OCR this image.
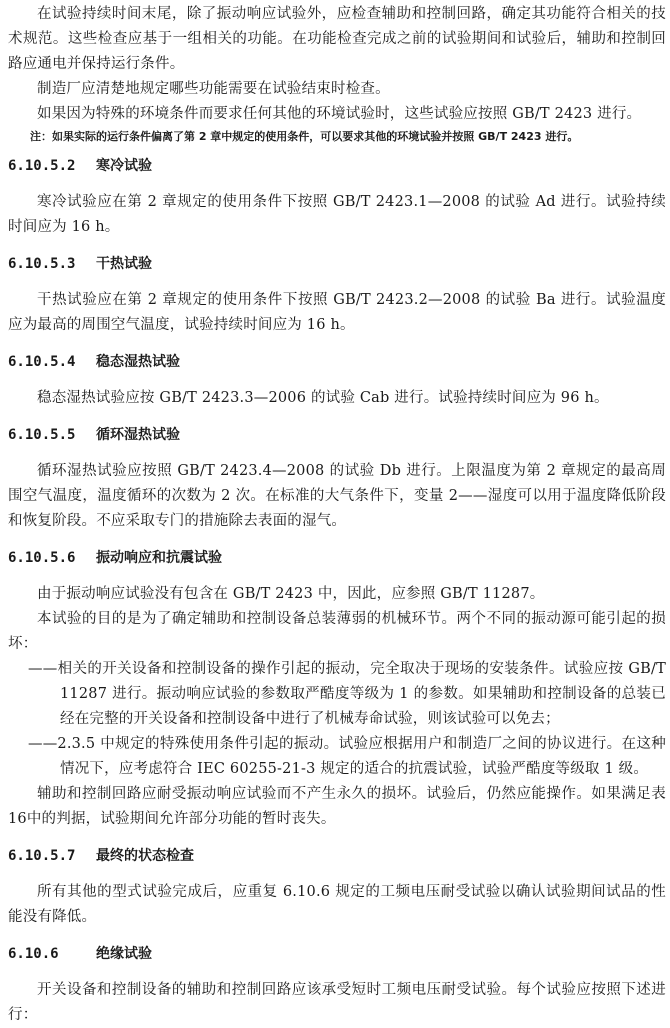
在试验持续时间末尾，除了振动响应试验外，应检查辅助和控制回路，确定其功能符合相关的技术规范。这些检查应基于一组相关的功能。在功能检查完成之前的试验期间和试验后，辅助和控制回路应通电并保持运行条件。

制造厂应清楚地规定哪些功能需要在试验结束时检查。

如果因为特殊的环境条件而要求任何其他的环境试验时，这些试验应按照 GB/T 2423 进行。

注：如果实际的运行条件偏离了第 2 章中规定的使用条件，可以要求其他的环境试验并按照 GB/T 2423 进行。

6.10.5.2 寒冷试验

寒冷试验应在第 2 章规定的使用条件下按照 GB/T 2423.1—2008 的试验 Ad 进行。试验持续时间应为 16 h。

6.10.5.3 干热试验

干热试验应在第 2 章规定的使用条件下按照 GB/T 2423.2—2008 的试验 Ba 进行。试验温度应为最高的周围空气温度，试验持续时间应为 16 h。

6.10.5.4 稳态湿热试验

稳态湿热试验应按 GB/T 2423.3—2006 的试验 Cab 进行。试验持续时间应为 96 h。

6.10.5.5 循环湿热试验

循环湿热试验应按照 GB/T 2423.4—2008 的试验 Db 进行。上限温度为第 2 章规定的最高周围空气温度，温度循环的次数为 2 次。在标准的大气条件下，变量 2——湿度可以用于温度降低阶段和恢复阶段。不应采取专门的措施除去表面的湿气。

6.10.5.6 振动响应和抗震试验

由于振动响应试验没有包含在 GB/T 2423 中，因此，应参照 GB/T 11287。

本试验的目的是为了确定辅助和控制设备总装薄弱的机械环节。两个不同的振动源可能引起的损坏：

——相关的开关设备和控制设备的操作引起的振动，完全取决于现场的安装条件。试验应按 GB/T 11287 进行。振动响应试验的参数取严酷度等级为 1 的参数。如果辅助和控制设备的总装已经在完整的开关设备和控制设备中进行了机械寿命试验，则该试验可以免去；

——2.3.5 中规定的特殊使用条件引起的振动。试验应根据用户和制造厂之间的协议进行。在这种情况下，应考虑符合 IEC 60255-21-3 规定的适合的抗震试验，试验严酷度等级取 1 级。

辅助和控制回路应耐受振动响应试验而不产生永久的损坏。试验后，仍然应能操作。如果满足表 16中的判据，试验期间允许部分功能的暂时丧失。

6.10.5.7 最终的状态检查

所有其他的型式试验完成后，应重复 6.10.6 规定的工频电压耐受试验以确认试验期间试品的性能没有降低。

6.10.6	绝缘试验

开关设备和控制设备的辅助和控制回路应该承受短时工频电压耐受试验。每个试验应按照下述进行：
